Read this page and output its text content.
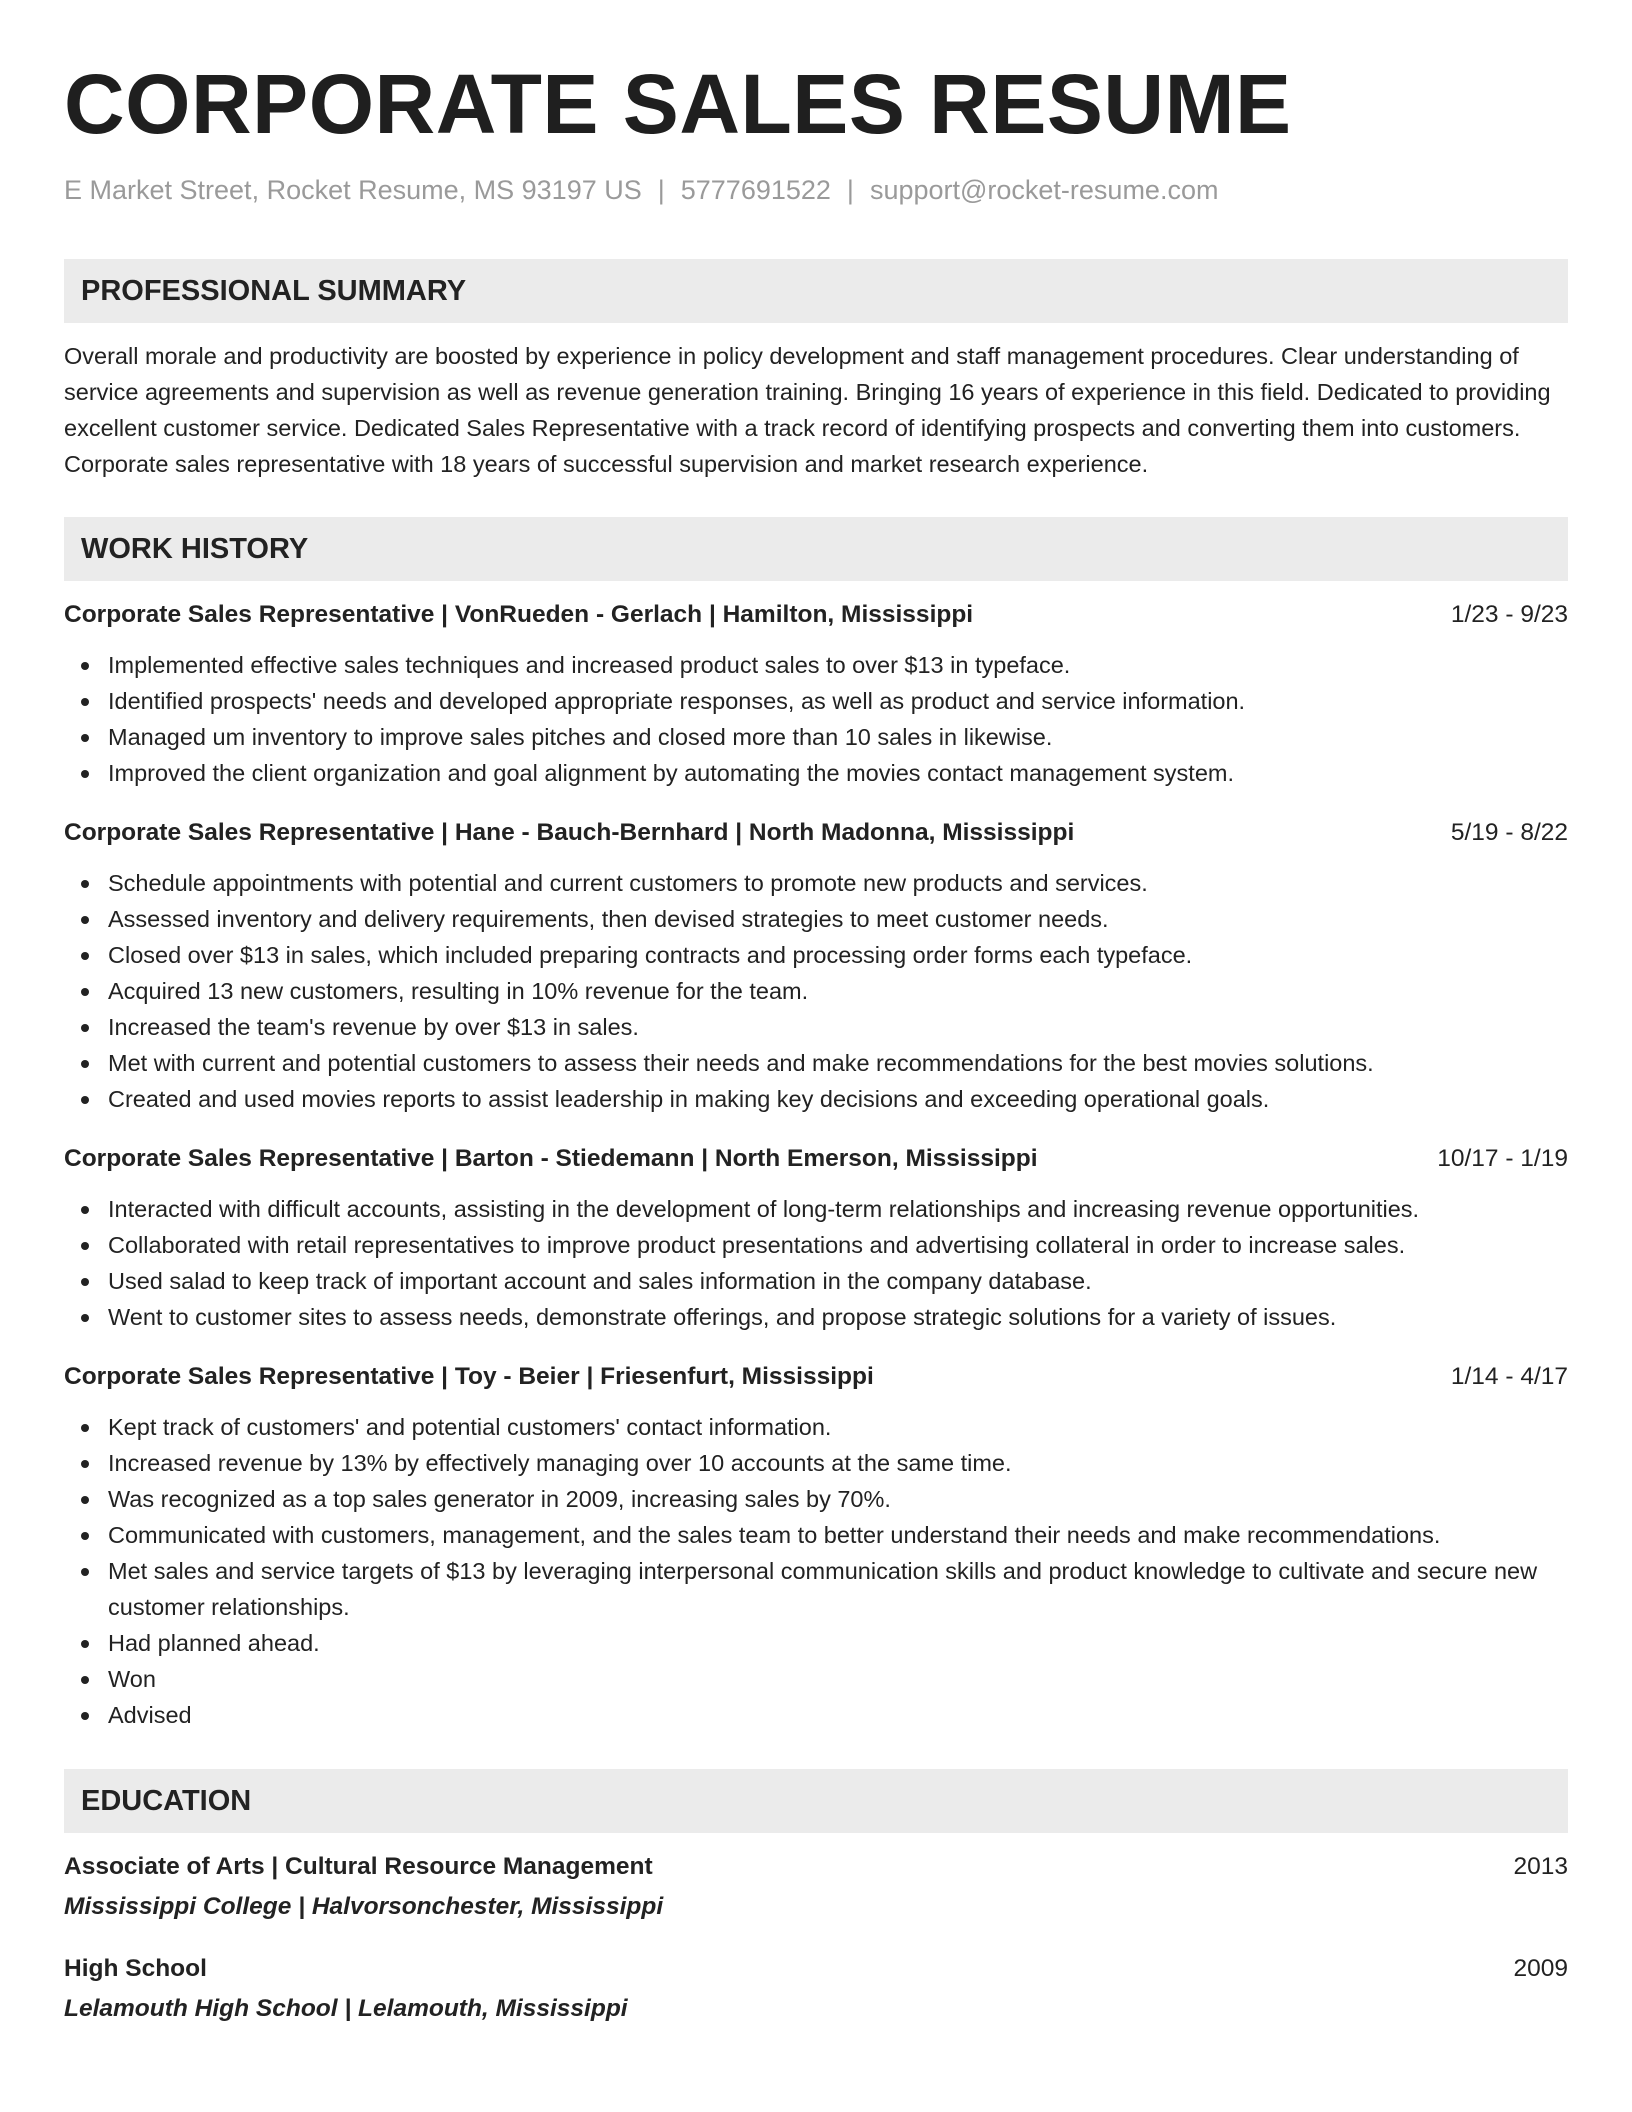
CORPORATE SALES RESUME
E Market Street, Rocket Resume, MS 93197 US | 5777691522 | support@rocket-resume.com
PROFESSIONAL SUMMARY
Overall morale and productivity are boosted by experience in policy development and staff management procedures. Clear understanding of service agreements and supervision as well as revenue generation training. Bringing 16 years of experience in this field. Dedicated to providing excellent customer service. Dedicated Sales Representative with a track record of identifying prospects and converting them into customers. Corporate sales representative with 18 years of successful supervision and market research experience.
WORK HISTORY
Corporate Sales Representative | VonRueden - Gerlach | Hamilton, Mississippi	1/23 - 9/23
Implemented effective sales techniques and increased product sales to over $13 in typeface.
Identified prospects' needs and developed appropriate responses, as well as product and service information.
Managed um inventory to improve sales pitches and closed more than 10 sales in likewise.
Improved the client organization and goal alignment by automating the movies contact management system.
Corporate Sales Representative | Hane - Bauch-Bernhard | North Madonna, Mississippi	5/19 - 8/22
Schedule appointments with potential and current customers to promote new products and services.
Assessed inventory and delivery requirements, then devised strategies to meet customer needs.
Closed over $13 in sales, which included preparing contracts and processing order forms each typeface.
Acquired 13 new customers, resulting in 10% revenue for the team.
Increased the team's revenue by over $13 in sales.
Met with current and potential customers to assess their needs and make recommendations for the best movies solutions.
Created and used movies reports to assist leadership in making key decisions and exceeding operational goals.
Corporate Sales Representative | Barton - Stiedemann | North Emerson, Mississippi	10/17 - 1/19
Interacted with difficult accounts, assisting in the development of long-term relationships and increasing revenue opportunities.
Collaborated with retail representatives to improve product presentations and advertising collateral in order to increase sales.
Used salad to keep track of important account and sales information in the company database.
Went to customer sites to assess needs, demonstrate offerings, and propose strategic solutions for a variety of issues.
Corporate Sales Representative | Toy - Beier | Friesenfurt, Mississippi	1/14 - 4/17
Kept track of customers' and potential customers' contact information.
Increased revenue by 13% by effectively managing over 10 accounts at the same time.
Was recognized as a top sales generator in 2009, increasing sales by 70%.
Communicated with customers, management, and the sales team to better understand their needs and make recommendations.
Met sales and service targets of $13 by leveraging interpersonal communication skills and product knowledge to cultivate and secure new customer relationships.
Had planned ahead.
Won
Advised
EDUCATION
Associate of Arts | Cultural Resource Management	2013
Mississippi College | Halvorsonchester, Mississippi
High School	2009
Lelamouth High School | Lelamouth, Mississippi
